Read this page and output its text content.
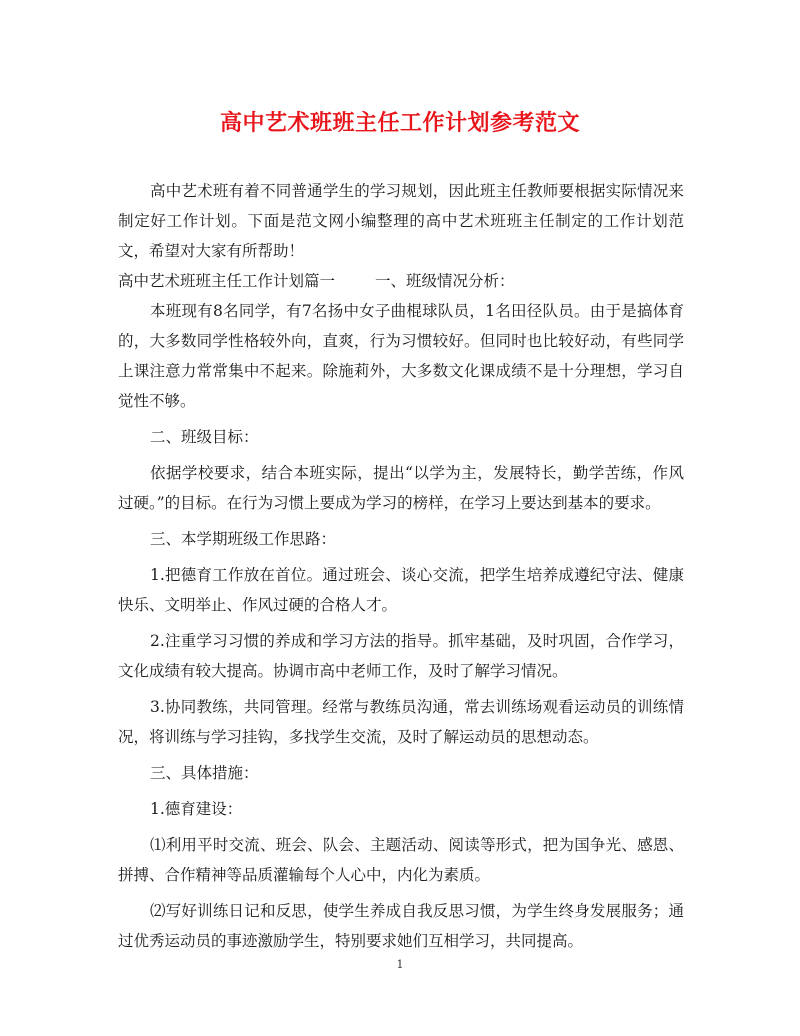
高中艺术班班主任工作计划参考范文

高中艺术班有着不同普通学生的学习规划，因此班主任教师要根据实际情况来制定好工作计划。下面是范文网小编整理的高中艺术班班主任制定的工作计划范文，希望对大家有所帮助！

高中艺术班班主任工作计划篇一	一、班级情况分析：

本班现有8名同学，有7名扬中女子曲棍球队员，1名田径队员。由于是搞体育的，大多数同学性格较外向，直爽，行为习惯较好。但同时也比较好动，有些同学上课注意力常常集中不起来。除施莉外，大多数文化课成绩不是十分理想，学习自觉性不够。

二、班级目标：

依据学校要求，结合本班实际，提出“以学为主，发展特长，勤学苦练，作风过硬。”的目标。在行为习惯上要成为学习的榜样，在学习上要达到基本的要求。

三、本学期班级工作思路：

1.把德育工作放在首位。通过班会、谈心交流，把学生培养成遵纪守法、健康快乐、文明举止、作风过硬的合格人才。

2.注重学习习惯的养成和学习方法的指导。抓牢基础，及时巩固，合作学习，文化成绩有较大提高。协调市高中老师工作，及时了解学习情况。

3.协同教练，共同管理。经常与教练员沟通，常去训练场观看运动员的训练情况，将训练与学习挂钩，多找学生交流，及时了解运动员的思想动态。

三、具体措施：

1.德育建设：

⑴利用平时交流、班会、队会、主题活动、阅读等形式，把为国争光、感恩、拼搏、合作精神等品质灌输每个人心中，内化为素质。

⑵写好训练日记和反思，使学生养成自我反思习惯，为学生终身发展服务；通过优秀运动员的事迹激励学生，特别要求她们互相学习，共同提高。

1
